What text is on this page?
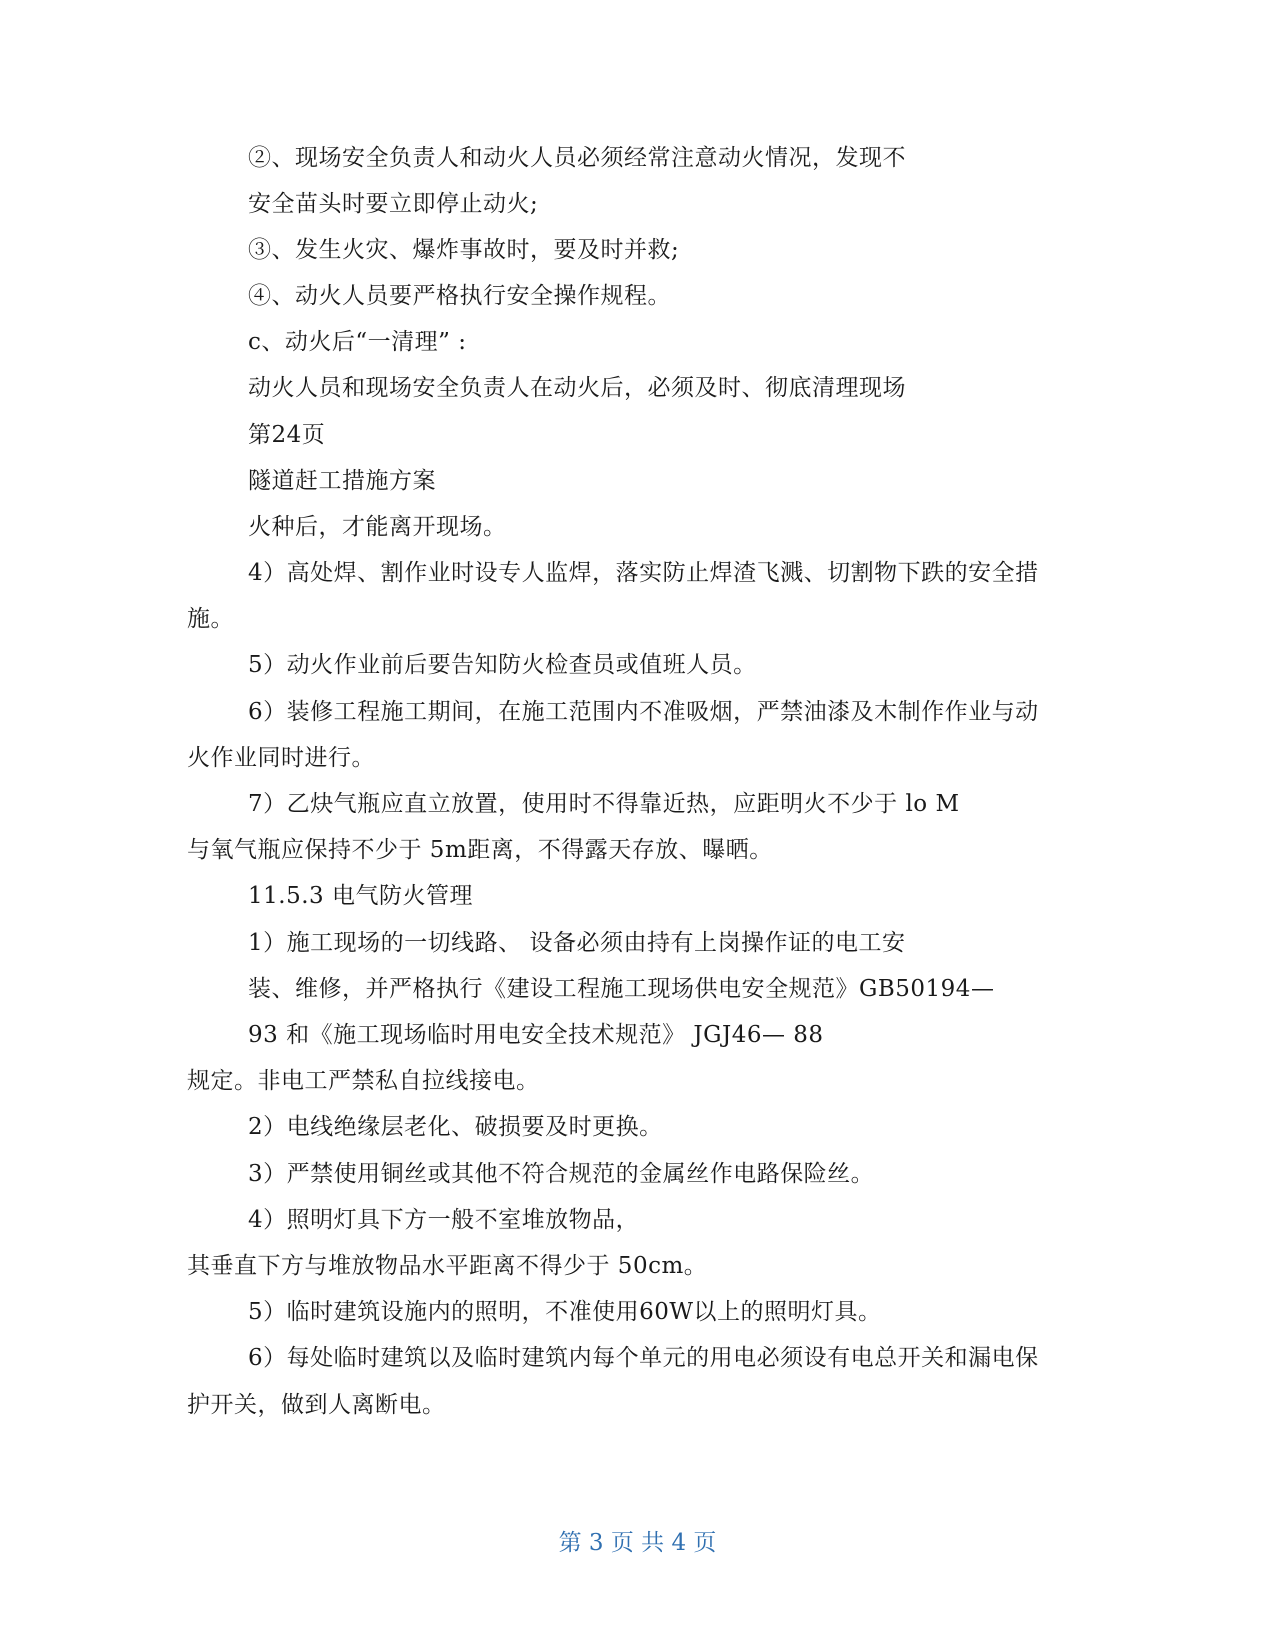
②、现场安全负责人和动火人员必须经常注意动火情况，发现不
安全苗头时要立即停止动火;
③、发生火灾、爆炸事故时，要及时并救;
④、动火人员要严格执行安全操作规程。
c、动火后“一清理” :
动火人员和现场安全负责人在动火后，必须及时、彻底清理现场
第24页
隧道赶工措施方案
火种后，才能离开现场。
4）高处焊、割作业时设专人监焊，落实防止焊渣飞溅、切割物下跌的安全措
施。
5）动火作业前后要告知防火检查员或值班人员。
6）装修工程施工期间，在施工范围内不准吸烟，严禁油漆及木制作作业与动
火作业同时进行。
7）乙炔气瓶应直立放置，使用时不得靠近热，应距明火不少于 lo M
与氧气瓶应保持不少于 5m距离，不得露天存放、曝晒。
11.5.3 电气防火管理
1）施工现场的一切线路、 设备必须由持有上岗操作证的电工安
装、维修，并严格执行《建设工程施工现场供电安全规范》GB50194—
93 和《施工现场临时用电安全技术规范》 JGJ46— 88
规定。非电工严禁私自拉线接电。
2）电线绝缘层老化、破损要及时更换。
3）严禁使用铜丝或其他不符合规范的金属丝作电路保险丝。
4）照明灯具下方一般不室堆放物品，
其垂直下方与堆放物品水平距离不得少于 50cm。
5）临时建筑设施内的照明，不准使用60W以上的照明灯具。
6）每处临时建筑以及临时建筑内每个单元的用电必须设有电总开关和漏电保
护开关，做到人离断电。
第 3 页 共 4 页
